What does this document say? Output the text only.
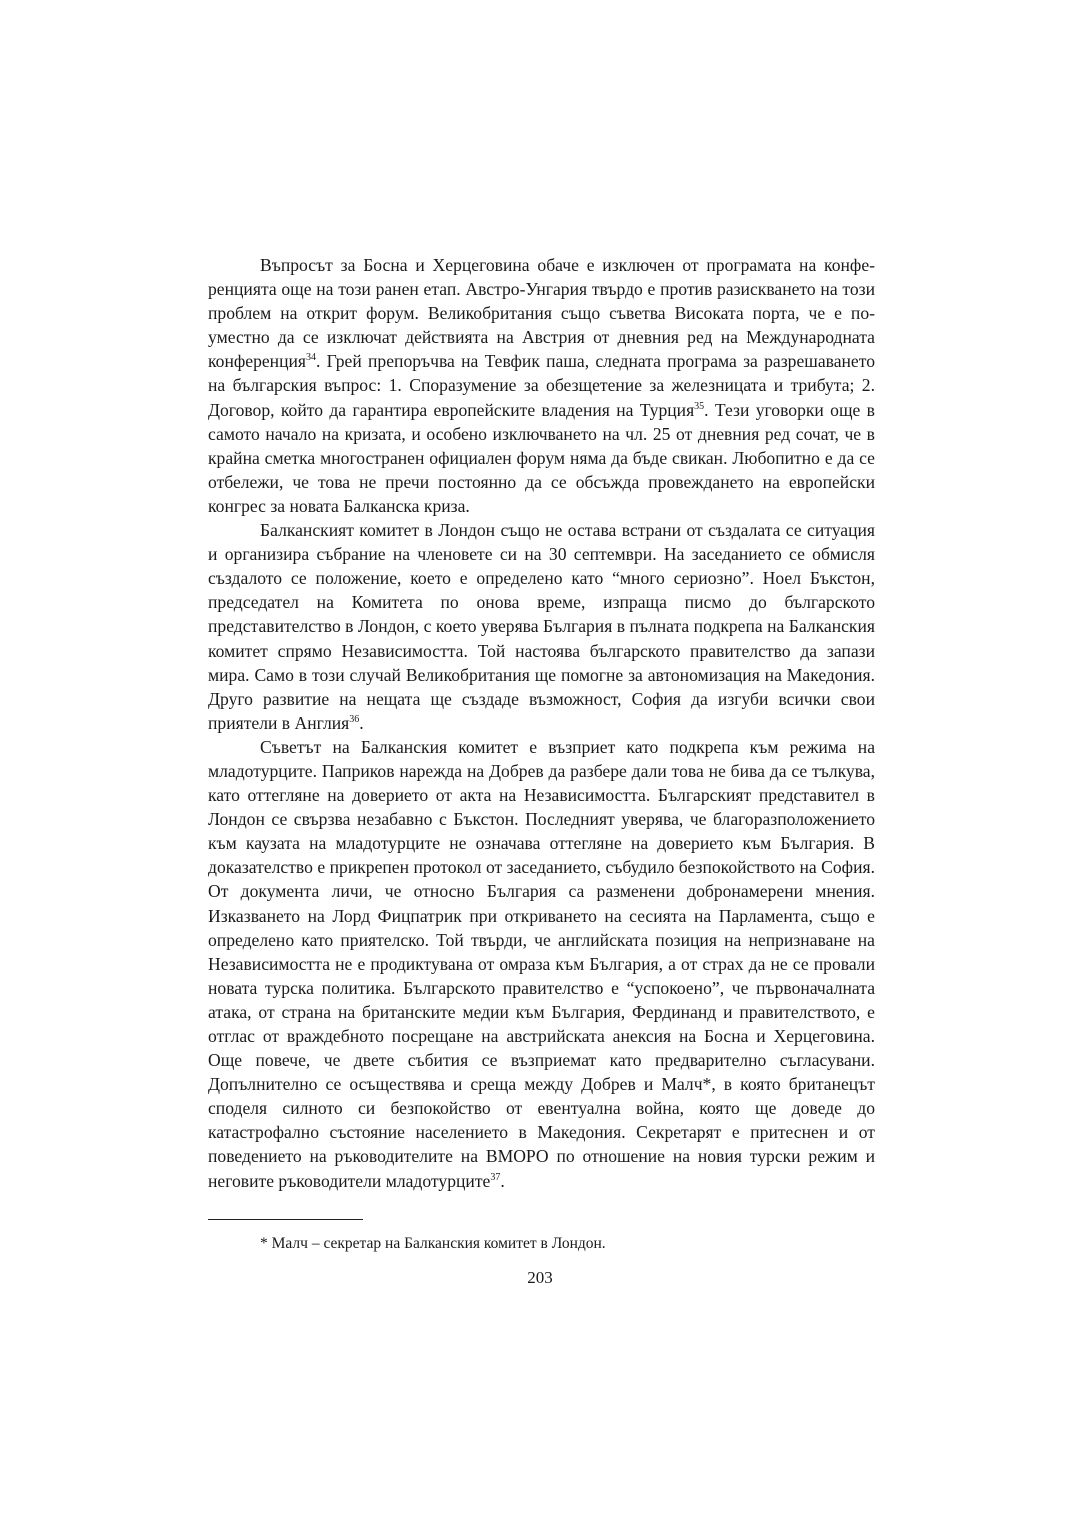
Въпросът за Босна и Херцеговина обаче е изключен от програмата на конференцията още на този ранен етап. Австро-Унгария твърдо е против разискването на този проблем на открит форум. Великобритания също съветва Високата порта, че е по-уместно да се изключат действията на Австрия от дневния ред на Международната конференция$^{34}$. Грей препоръчва на Тевфик паша, следната програма за разрешаването на българския въпрос: 1. Споразумение за обезщетение за железницата и трибута; 2. Договор, който да гарантира европейските владения на Турция$^{35}$. Тези уговорки още в самото начало на кризата, и особено изключването на чл. 25 от дневния ред сочат, че в крайна сметка многостранен официален форум няма да бъде свикан. Любопитно е да се отбележи, че това не пречи постоянно да се обсъжда провеждането на европейски конгрес за новата Балканска криза.

Балканският комитет в Лондон също не остава встрани от създалата се ситуация и организира събрание на членовете си на 30 септември. На заседанието се обмисля създалото се положение, което е определено като “много сериозно”. Ноел Бъкстон, председател на Комитета по онова време, изпраща писмо до българското представителство в Лондон, с което уверява България в пълната подкрепа на Балканския комитет спрямо Независимостта. Той настоява българското правителство да запази мира. Само в този случай Великобритания ще помогне за автономизация на Македония. Друго развитие на нещата ще създаде възможност, София да изгуби всички свои приятели в Англия$^{36}$.

Съветът на Балканския комитет е възприет като подкрепа към режима на младотурците. Паприков нарежда на Добрев да разбере дали това не бива да се тълкува, като оттегляне на доверието от акта на Независимостта. Българският представител в Лондон се свързва незабавно с Бъкстон. Последният уверява, че благоразположението към каузата на младотурците не означава оттегляне на доверието към България. В доказателство е прикрепен протокол от заседанието, събудило безпокойството на София. От документа личи, че относно България са разменени добронамерени мнения. Изказването на Лорд Фицпатрик при откриването на сесията на Парламента, също е определено като приятелско. Той твърди, че английската позиция на непризнаване на Независимостта не е продиктувана от омраза към България, а от страх да не се провали новата турска политика. Българското правителство е “успокоено”, че първоначалната атака, от страна на британските медии към България, Фердинанд и правителството, е отглас от враждебното посрещане на австрийската анексия на Босна и Херцеговина. Още повече, че двете събития се възприемат като предварително съгласувани. Допълнително се осъществява и среща между Добрев и Малч*, в която британецът споделя силното си безпокойство от евентуална война, която ще доведе до катастрофално състояние населението в Македония. Секретарят е притеснен и от поведението на ръководителите на ВМОРО по отношение на новия турски режим и неговите ръководители младотурците$^{37}$.

* Малч – секретар на Балканския комитет в Лондон.

203
